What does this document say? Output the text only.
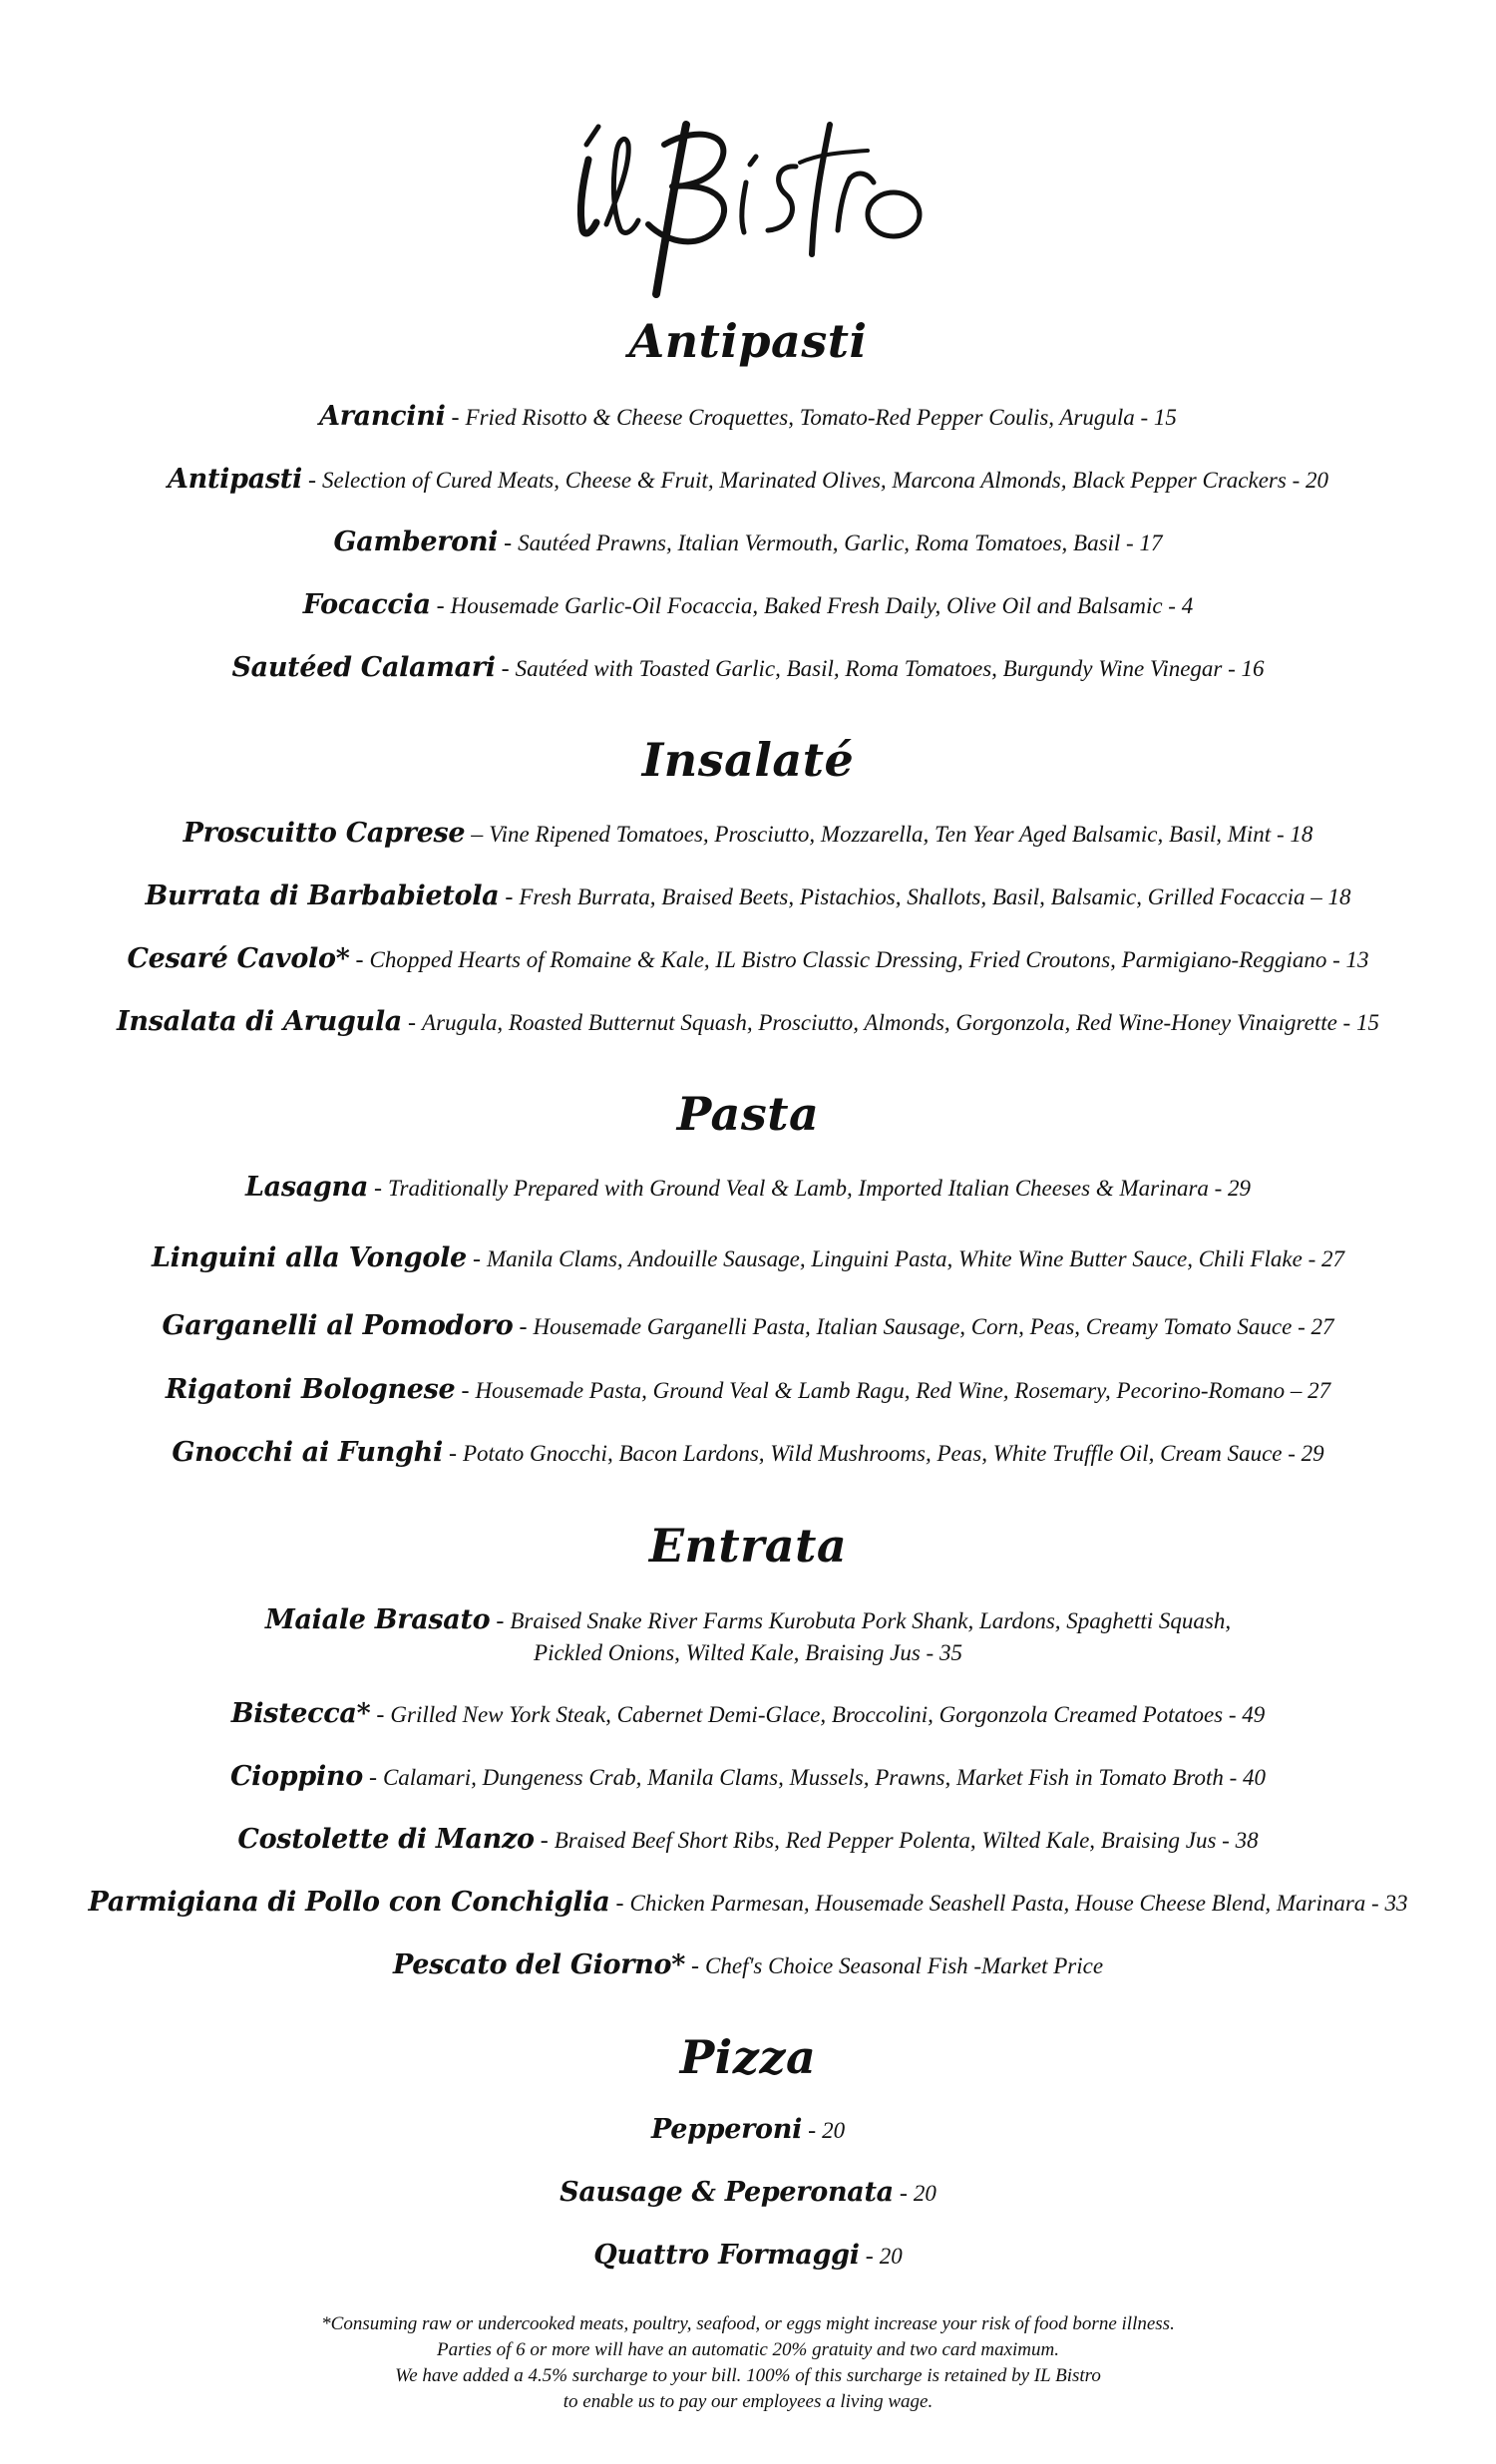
Antipasti
Arancini - Fried Risotto & Cheese Croquettes, Tomato-Red Pepper Coulis, Arugula - 15
Antipasti - Selection of Cured Meats, Cheese & Fruit, Marinated Olives, Marcona Almonds, Black Pepper Crackers - 20
Gamberoni - Sautéed Prawns, Italian Vermouth, Garlic, Roma Tomatoes, Basil - 17
Focaccia - Housemade Garlic-Oil Focaccia, Baked Fresh Daily, Olive Oil and Balsamic - 4
Sautéed Calamari - Sautéed with Toasted Garlic, Basil, Roma Tomatoes, Burgundy Wine Vinegar - 16
Insalaté
Proscuitto Caprese – Vine Ripened Tomatoes, Prosciutto, Mozzarella, Ten Year Aged Balsamic, Basil, Mint - 18
Burrata di Barbabietola - Fresh Burrata, Braised Beets, Pistachios, Shallots, Basil, Balsamic, Grilled Focaccia – 18
Cesaré Cavolo* - Chopped Hearts of Romaine & Kale, IL Bistro Classic Dressing, Fried Croutons, Parmigiano-Reggiano - 13
Insalata di Arugula - Arugula, Roasted Butternut Squash, Prosciutto, Almonds, Gorgonzola, Red Wine-Honey Vinaigrette - 15
Pasta
Lasagna - Traditionally Prepared with Ground Veal & Lamb, Imported Italian Cheeses & Marinara - 29
Linguini alla Vongole - Manila Clams, Andouille Sausage, Linguini Pasta, White Wine Butter Sauce, Chili Flake - 27
Garganelli al Pomodoro - Housemade Garganelli Pasta, Italian Sausage, Corn, Peas, Creamy Tomato Sauce - 27
Rigatoni Bolognese - Housemade Pasta, Ground Veal & Lamb Ragu, Red Wine, Rosemary, Pecorino-Romano – 27
Gnocchi ai Funghi - Potato Gnocchi, Bacon Lardons, Wild Mushrooms, Peas, White Truffle Oil, Cream Sauce - 29
Entrata
Maiale Brasato - Braised Snake River Farms Kurobuta Pork Shank, Lardons, Spaghetti Squash,
Pickled Onions, Wilted Kale, Braising Jus - 35
Bistecca* - Grilled New York Steak, Cabernet Demi-Glace, Broccolini, Gorgonzola Creamed Potatoes - 49
Cioppino - Calamari, Dungeness Crab, Manila Clams, Mussels, Prawns, Market Fish in Tomato Broth - 40
Costolette di Manzo - Braised Beef Short Ribs, Red Pepper Polenta, Wilted Kale, Braising Jus - 38
Parmigiana di Pollo con Conchiglia - Chicken Parmesan, Housemade Seashell Pasta, House Cheese Blend, Marinara - 33
Pescato del Giorno* - Chef's Choice Seasonal Fish -Market Price
Pizza
Pepperoni - 20
Sausage & Peperonata - 20
Quattro Formaggi - 20
*Consuming raw or undercooked meats, poultry, seafood, or eggs might increase your risk of food borne illness.
Parties of 6 or more will have an automatic 20% gratuity and two card maximum.
We have added a 4.5% surcharge to your bill. 100% of this surcharge is retained by IL Bistro
to enable us to pay our employees a living wage.
